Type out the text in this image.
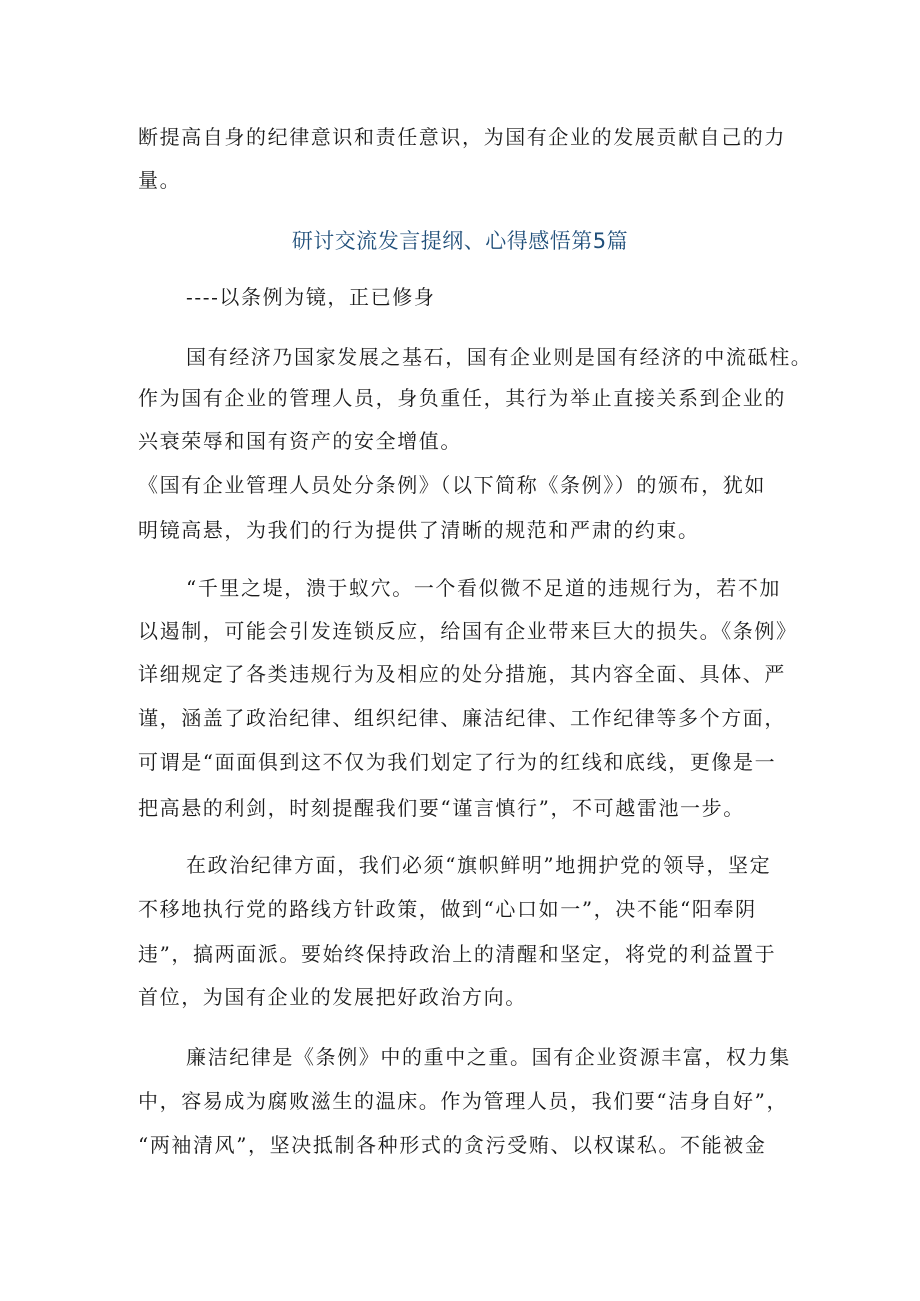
断提高自身的纪律意识和责任意识，为国有企业的发展贡献自己的力
量。
研讨交流发言提纲、心得感悟第5篇
----以条例为镜，正已修身
国有经济乃国家发展之基石，国有企业则是国有经济的中流砥柱。
作为国有企业的管理人员，身负重任，其行为举止直接关系到企业的
兴衰荣辱和国有资产的安全增值。
《国有企业管理人员处分条例》（以下简称《条例》）的颁布，犹如
明镜高悬，为我们的行为提供了清晰的规范和严肃的约束。
“千里之堤，溃于蚁穴。一个看似微不足道的违规行为，若不加
以遏制，可能会引发连锁反应，给国有企业带来巨大的损失。《条例》
详细规定了各类违规行为及相应的处分措施，其内容全面、具体、严
谨，涵盖了政治纪律、组织纪律、廉洁纪律、工作纪律等多个方面，
可谓是“面面俱到这不仅为我们划定了行为的红线和底线，更像是一
把高悬的利剑，时刻提醒我们要“谨言慎行”，不可越雷池一步。
在政治纪律方面，我们必须“旗帜鲜明”地拥护党的领导，坚定
不移地执行党的路线方针政策，做到“心口如一”，决不能“阳奉阴
违”，搞两面派。要始终保持政治上的清醒和坚定，将党的利益置于
首位，为国有企业的发展把好政治方向。
廉洁纪律是《条例》中的重中之重。国有企业资源丰富，权力集
中，容易成为腐败滋生的温床。作为管理人员，我们要“洁身自好”，
“两袖清风”，坚决抵制各种形式的贪污受贿、以权谋私。不能被金
